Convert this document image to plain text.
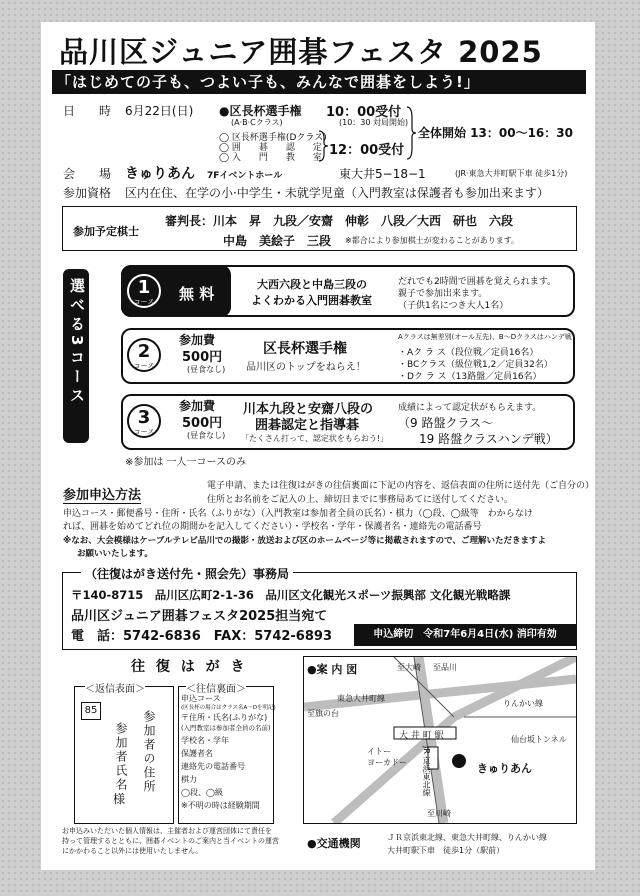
品川区ジュニア囲碁フェスタ 2025
「はじめての子も、つよい子も、みんなで囲碁をしよう!」
日　　時 6月22日(日) ●区長杯選手権
(A·B·Cクラス)
10：00受付
(10：30 対局開始)
◯ 区長杯選手権(Dクラス)
◯ 囲　　碁　　認　　定
◯ 入　　門　　教　　室 12：00受付
全体開始 13：00〜16：30
会　　場 きゅりあん 7Fイベントホール	東大井5−18−1	(JR·東急大井町駅下車 徒歩1分)
参加資格 区内在住、在学の小·中学生・未就学児童（入門教室は保護者も参加出来ます）
参加予定棋士
審判長：川本　昇　九段／安齋　伸彰　八段／大西　研也　六段
中島　美絵子　三段 ※都合により参加棋士が変わることがあります。
選べる3コース	1
コース	無 料
大西六段と中島三段の
よくわかる入門囲碁教室
だれでも2時間で囲碁を覚えられます。
親子で参加出来ます。
（子供1名につき大人1名）
2
コース
参加費
500円
(昼食なし)
区長杯選手権
品川区のトップをねらえ！
Aクラスは無差別(オール互先)、B〜Dクラスはハンデ戦
・Aク ラ ス（段位戦／定員16名）
・BCクラス（級位戦1,2／定員32名）
・Dク ラ ス（13路盤／定員16名）
3
コース
参加費
500円
(昼食なし)
川本九段と安齋八段の
囲碁認定と指導碁
「たくさん打って、認定状をもらおう!」
成績によって認定状がもらえます。
（9 路盤クラス〜
19 路盤クラスハンデ戦）
※参加は 一人一コースのみ
参加申込方法
電子申請、または往復はがきの往信裏面に下記の内容を、返信表面の住所に送付先（ご自分の）
住所とお名前をご記入の上、締切日までに事務局あてに送付してください。
申込コース・郵便番号・住所・氏名（ふりがな）（入門教室は参加者全員の氏名）・棋力（◯段、◯級等　わからなけ
れば、囲碁を始めてどれ位の期間かを記入してください）・学校名・学年・保護者名・連絡先の電話番号
※なお、大会模様はケーブルテレビ品川での撮影・放送および区のホームページ等に掲載されますので、ご理解いただきますよ
お願いいたします。
（往復はがき送付先・照会先）事務局
〒140-8715　品川区広町2-1-36　品川区文化観光スポーツ振興部 文化観光戦略課
品川区ジュニア囲碁フェスタ2025担当宛て
電　話：5742-6836　FAX：5742-6893	申込締切　令和7年6月4日(水) 消印有効
往 復 は が き
＜返信表面＞
85	参加者の住所
参加者氏名
様
＜往信裏面＞
申込コース
(区長杯の場合はクラス名A〜Dを明記)
〒住所・氏名(ふりがな)
(入門教室は参加者全員の名前)
学校名・学年
保護者名
連絡先の電話番号
棋力
◯段、◯級
※不明の時は経験期間
お申込みいただいた個人情報は、主催者および運営団体にて責任を
持って管理するとともに、囲碁イベントのご案内と当イベントの運営
にかかわること以外には使用いたしません。
●案 内 図	至大崎 至品川
東急大井町線
至旗の台
大 井 町 駅
りんかい線
仙台坂トンネル
イトー
ヨーカドー JR 京浜東北線	きゅりあん
至川崎
●交通機関	ＪＲ京浜東北線、東急大井町線、りんかい線
大井町駅下車　徒歩1分（駅前）
